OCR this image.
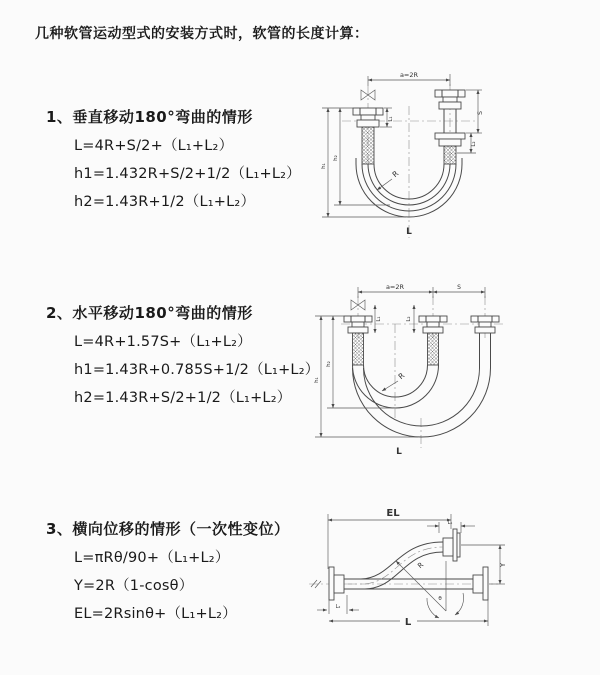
几种软管运动型式的安装方式时，软管的长度计算：
1、垂直移动180°弯曲的情形
L=4R+S/2+（L₁+L₂）
h1=1.432R+S/2+1/2（L₁+L₂）
h2=1.43R+1/2（L₁+L₂）
2、水平移动180°弯曲的情形
L=4R+1.57S+（L₁+L₂）
h1=1.43R+0.785S+1/2（L₁+L₂）
h2=1.43R+S/2+1/2（L₁+L₂）
3、横向位移的情形（一次性变位）
L=πRθ/90+（L₁+L₂）
Y=2R（1-cosθ）
EL=2Rsinθ+（L₁+L₂）
a=2R
L₁
S
L₂
h₁
h₂
R
L
a=2R	S
L₁	L₂
h₁
h₂
R
L
EL
L₁
Y
R
θ
L₂
L
